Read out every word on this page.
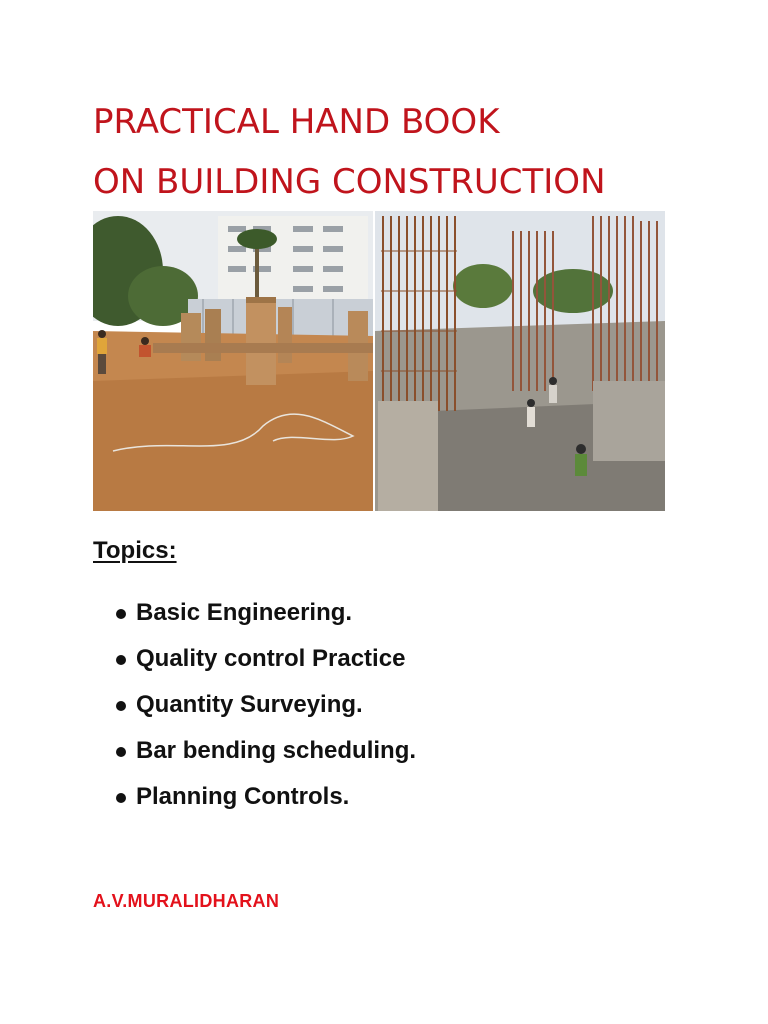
PRACTICAL HAND BOOK
ON BUILDING CONSTRUCTION
Topics:
Basic Engineering.
Quality control Practice
Quantity Surveying.
Bar bending scheduling.
Planning Controls.
A.V.MURALIDHARAN
